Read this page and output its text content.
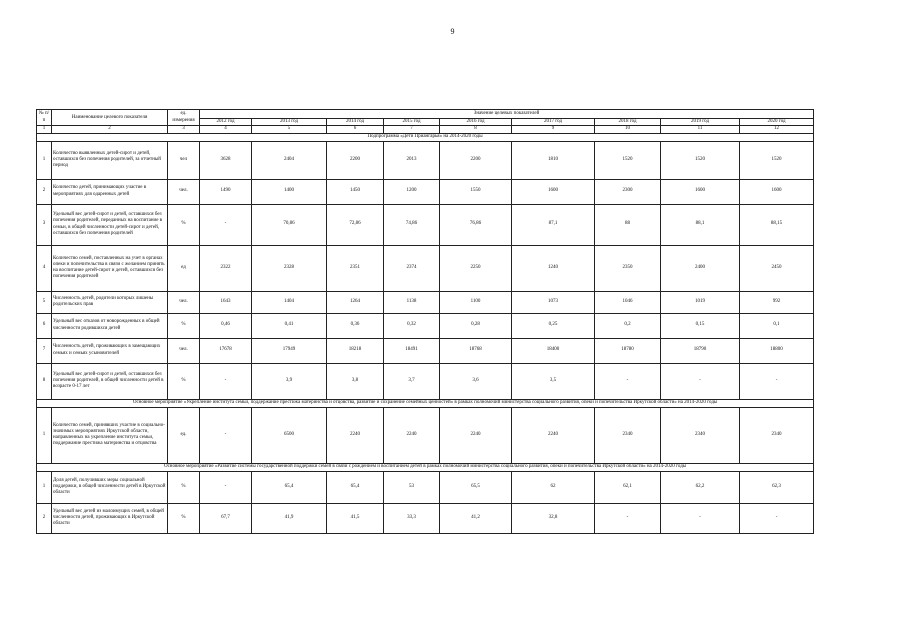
9
№ п/п	Наименование целевого показателя	ед. измерения	Значение целевых показателей								
			2012 год	2013 год	2014 год	2015 год	2016 год	2017 год	2018 год	2019 год	2020 год
1	2	3	4	5	6	7	8	9	10	11	12
Подпрограмма «Дети Приангарья» на 2014-2020 годы											
1	Количество выявленных детей-сирот и детей, оставшихся без попечения родителей, за отчетный период	чел	3628	2404	2200	2013	2200	1810	1520	1520	1520
2	Количество детей, принимающих участие в мероприятиях для одаренных детей	чел.	1490	1400	1450	1200	1550	1600	2300	1600	1600
3	Удельный вес детей-сирот и детей, оставшихся без попечения родителей, переданных на воспитание в семьи, в общей численности детей-сирот и детей, оставшихся без попечения родителей	%	-	70,86	72,86	74,86	76,86	87,1	88	88,1	88,15
4	Количество семей, поставленных на учет в органах опеки и попечительства в связи с желанием принять на воспитание детей-сирот и детей, оставшихся без попечения родителей	ед	2322	2328	2351	2374	2250	1240	2350	2400	2450
5	Численность детей, родители которых лишены родительских прав	чел.	1643	1404	1264	1138	1100	1073	1046	1019	992
6	Удельный вес отказов от новорожденных в общей численности родившихся детей	%	0,46	0,41	0,36	0,32	0,28	0,25	0,2	0,15	0,1
7	Численность детей, проживающих в замещающих семьях и семьях усыновителей	чел.	17678	17949	18218	18491	18768	18400	18780	18790	18800
8	Удельный вес детей-сирот и детей, оставшихся без попечения родителей, в общей численности детей в возрасте 0-17 лет	%	-	3,9	3,8	3,7	3,6	3,5	-	-	-
Основное мероприятие «Укрепление института семьи, поддержание престижа материнства и отцовства, развитие и сохранение семейных ценностей» в рамках полномочий министерства социального развития, опеки и попечительства Иркутской области» на 2014-2020 годы											
1	Количество семей, принявших участие в социально-значимых мероприятиях Иркутской области, направленных на укрепление института семьи, поддержание престижа материнства и отцовства	ед.	-	6500	2240	2240	2240	2240	2340	2340	2340
Основное мероприятие «Развитие системы государственной поддержки семей в связи с рождением и воспитанием детей в рамках полномочий министерства социального развития, опеки и попечительства Иркутской области» на 2014-2020 годы											
1	Доля детей, получивших меры социальной поддержки, в общей численности детей в Иркутской области	%	-	65,4	65,4	53	65,5	62	62,1	62,2	62,3
2	Удельный вес детей из малоимущих семей, в общей численности детей, проживающих в Иркутской области	%	67,7	41,9	41,5	33,3	41,2	32,8	-	-	-
